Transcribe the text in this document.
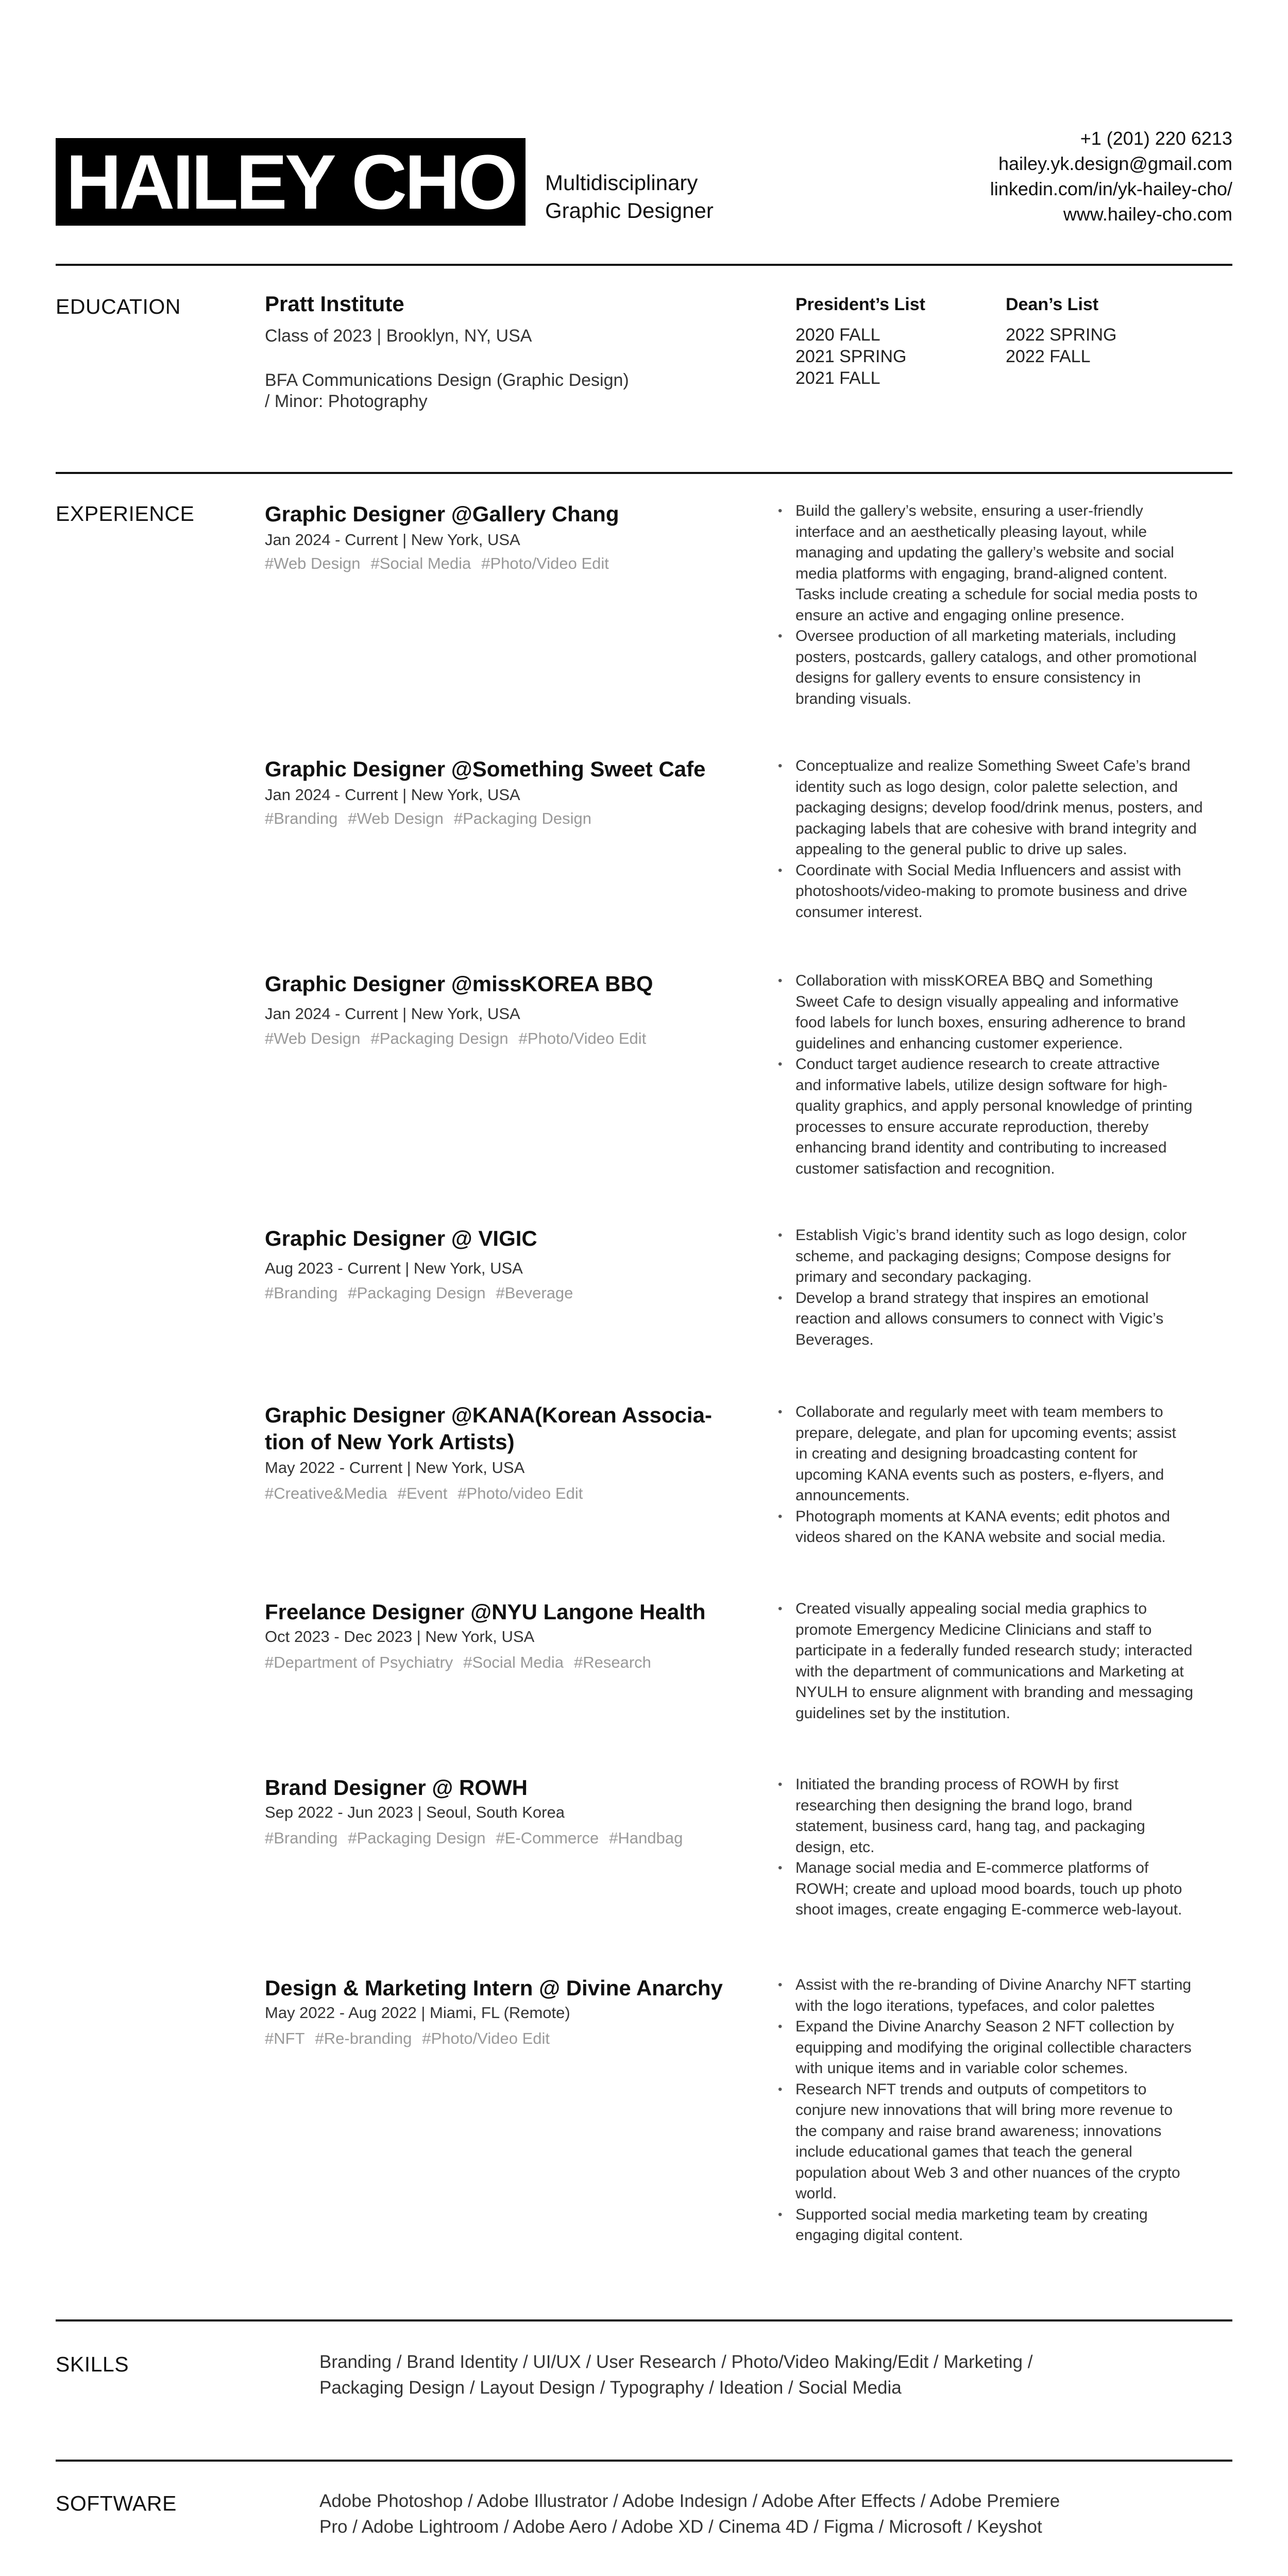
HAILEY CHO	Multidisciplinary
Graphic Designer
+1 (201) 220 6213
hailey.yk.design@gmail.com
linkedin.com/in/yk-hailey-cho/
www.hailey-cho.com
EDUCATION	Pratt Institute
Class of 2023 | Brooklyn, NY, USA
BFA Communications Design (Graphic Design)
/ Minor: Photography
President’s List
2020 FALL
2021 SPRING
2021 FALL
Dean’s List
2022 SPRING
2022 FALL
EXPERIENCE	Graphic Designer @Gallery Chang
Jan 2024 - Current | New York, USA
#Web Design #Social Media #Photo/Video Edit
• Build the gallery’s website, ensuring a user-friendly
interface and an aesthetically pleasing layout, while
managing and updating the gallery’s website and social
media platforms with engaging, brand-aligned content.
Tasks include creating a schedule for social media posts to
ensure an active and engaging online presence.
• Oversee production of all marketing materials, including
posters, postcards, gallery catalogs, and other promotional
designs for gallery events to ensure consistency in
branding visuals.
Graphic Designer @Something Sweet Cafe
Jan 2024 - Current | New York, USA
#Branding #Web Design #Packaging Design
• Conceptualize and realize Something Sweet Cafe’s brand
identity such as logo design, color palette selection, and
packaging designs; develop food/drink menus, posters, and
packaging labels that are cohesive with brand integrity and
appealing to the general public to drive up sales.
• Coordinate with Social Media Influencers and assist with
photoshoots/video-making to promote business and drive
consumer interest.
Graphic Designer @missKOREA BBQ
Jan 2024 - Current | New York, USA
#Web Design #Packaging Design #Photo/Video Edit
• Collaboration with missKOREA BBQ and Something
Sweet Cafe to design visually appealing and informative
food labels for lunch boxes, ensuring adherence to brand
guidelines and enhancing customer experience.
• Conduct target audience research to create attractive
and informative labels, utilize design software for high-
quality graphics, and apply personal knowledge of printing
processes to ensure accurate reproduction, thereby
enhancing brand identity and contributing to increased
customer satisfaction and recognition.
Graphic Designer @ VIGIC
Aug 2023 - Current | New York, USA
#Branding #Packaging Design #Beverage
• Establish Vigic’s brand identity such as logo design, color
scheme, and packaging designs; Compose designs for
primary and secondary packaging.
• Develop a brand strategy that inspires an emotional
reaction and allows consumers to connect with Vigic’s
Beverages.
Graphic Designer @KANA(Korean Associa-
tion of New York Artists)
May 2022 - Current | New York, USA
#Creative&Media #Event #Photo/video Edit
• Collaborate and regularly meet with team members to
prepare, delegate, and plan for upcoming events; assist
in creating and designing broadcasting content for
upcoming KANA events such as posters, e-flyers, and
announcements.
• Photograph moments at KANA events; edit photos and
videos shared on the KANA website and social media.
Freelance Designer @NYU Langone Health
Oct 2023 - Dec 2023 | New York, USA
#Department of Psychiatry #Social Media #Research
• Created visually appealing social media graphics to
promote Emergency Medicine Clinicians and staff to
participate in a federally funded research study; interacted
with the department of communications and Marketing at
NYULH to ensure alignment with branding and messaging
guidelines set by the institution.
Brand Designer @ ROWH
Sep 2022 - Jun 2023 | Seoul, South Korea
#Branding #Packaging Design #E-Commerce #Handbag
• Initiated the branding process of ROWH by first
researching then designing the brand logo, brand
statement, business card, hang tag, and packaging
design, etc.
• Manage social media and E-commerce platforms of
ROWH; create and upload mood boards, touch up photo
shoot images, create engaging E-commerce web-layout.
Design & Marketing Intern @ Divine Anarchy
May 2022 - Aug 2022 | Miami, FL (Remote)
#NFT #Re-branding #Photo/Video Edit
• Assist with the re-branding of Divine Anarchy NFT starting
with the logo iterations, typefaces, and color palettes
• Expand the Divine Anarchy Season 2 NFT collection by
equipping and modifying the original collectible characters
with unique items and in variable color schemes.
• Research NFT trends and outputs of competitors to
conjure new innovations that will bring more revenue to
the company and raise brand awareness; innovations
include educational games that teach the general
population about Web 3 and other nuances of the crypto
world.
• Supported social media marketing team by creating
engaging digital content.
SKILLS	Branding / Brand Identity / UI/UX / User Research / Photo/Video Making/Edit / Marketing /
Packaging Design / Layout Design / Typography / Ideation / Social Media
SOFTWARE	Adobe Photoshop / Adobe Illustrator / Adobe Indesign / Adobe After Effects / Adobe Premiere
Pro / Adobe Lightroom / Adobe Aero / Adobe XD / Cinema 4D / Figma / Microsoft / Keyshot
